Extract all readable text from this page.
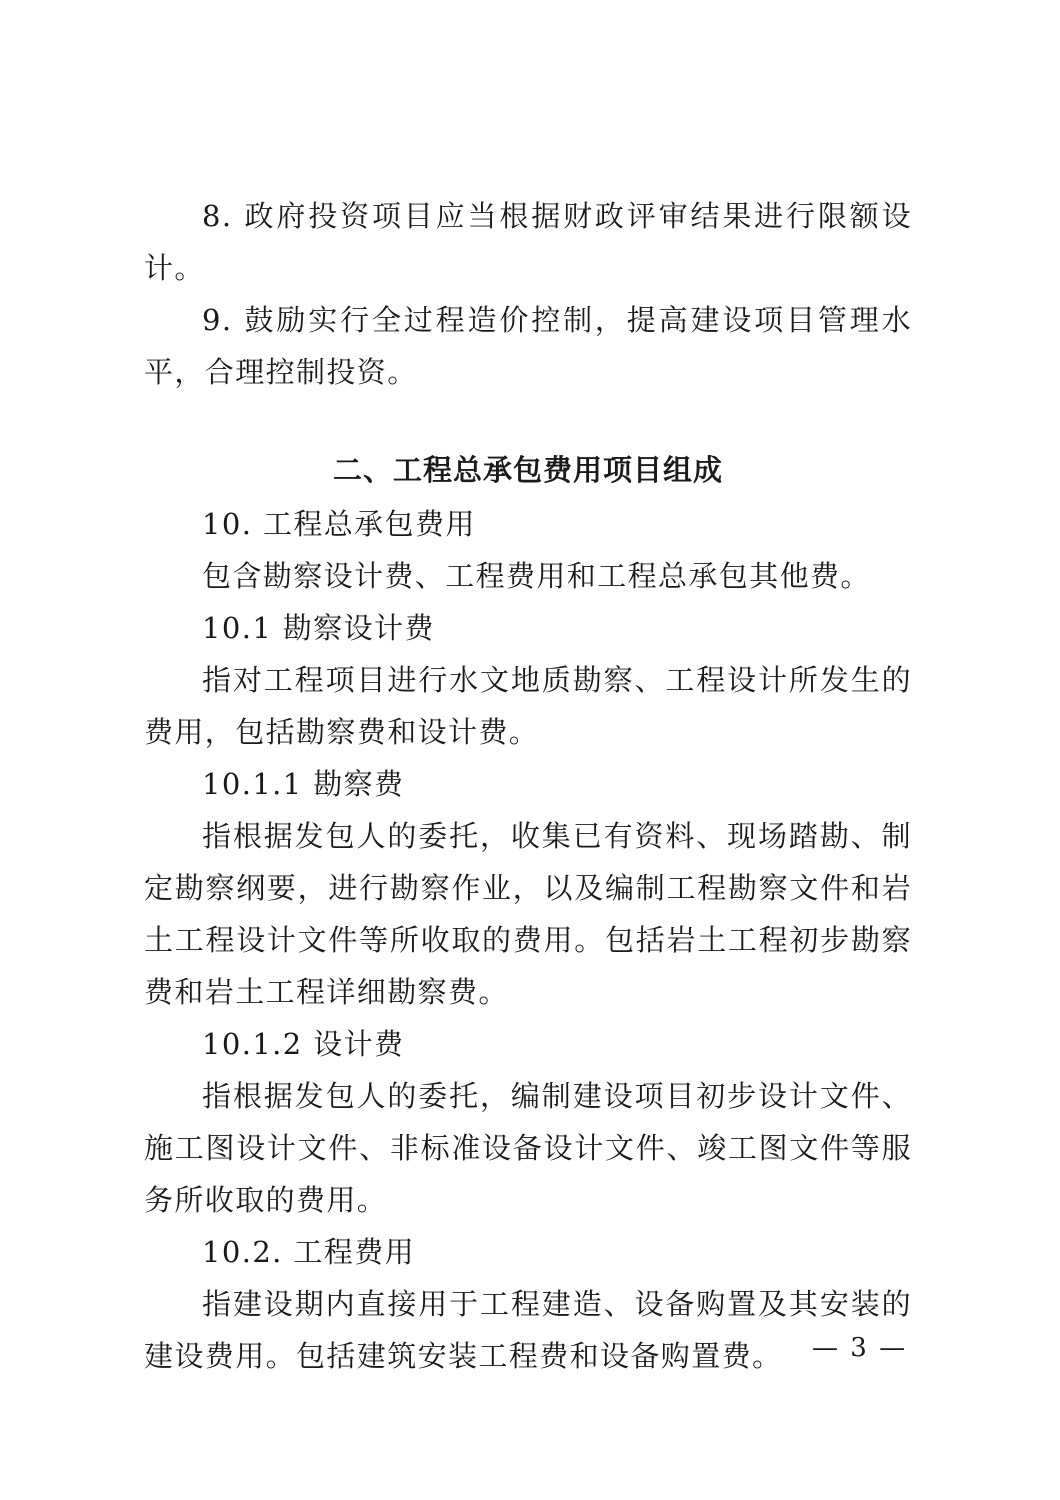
8. 政府投资项目应当根据财政评审结果进行限额设计。

9. 鼓励实行全过程造价控制，提高建设项目管理水平，合理控制投资。

二、工程总承包费用项目组成

10. 工程总承包费用

包含勘察设计费、工程费用和工程总承包其他费。

10.1 勘察设计费

指对工程项目进行水文地质勘察、工程设计所发生的费用，包括勘察费和设计费。

10.1.1 勘察费

指根据发包人的委托，收集已有资料、现场踏勘、制定勘察纲要，进行勘察作业，以及编制工程勘察文件和岩土工程设计文件等所收取的费用。包括岩土工程初步勘察费和岩土工程详细勘察费。

10.1.2 设计费

指根据发包人的委托，编制建设项目初步设计文件、施工图设计文件、非标准设备设计文件、竣工图文件等服务所收取的费用。

10.2. 工程费用

指建设期内直接用于工程建造、设备购置及其安装的建设费用。包括建筑安装工程费和设备购置费。	— 3 —
